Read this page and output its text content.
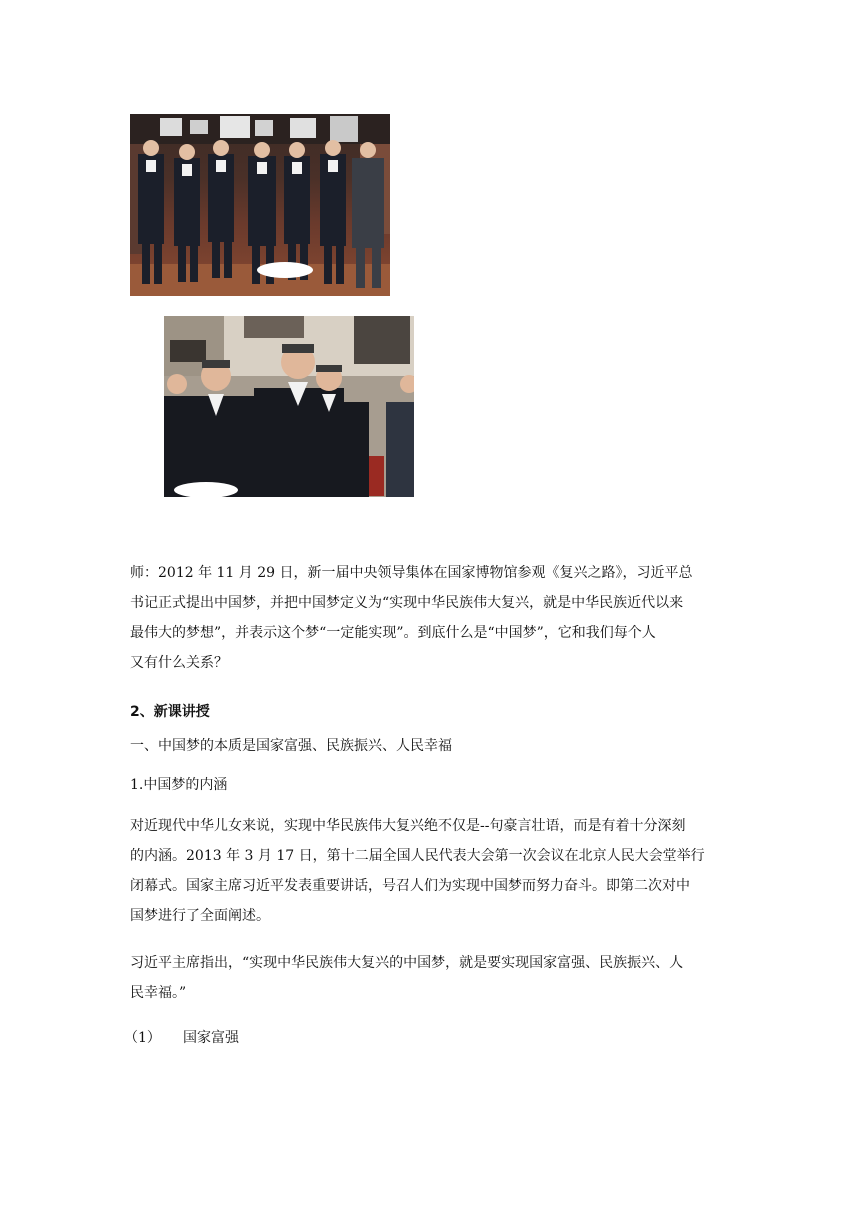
师：2012 年 11 月 29 日，新一届中央领导集体在国家博物馆参观《复兴之路》，习近平总
书记正式提出中国梦，并把中国梦定义为“实现中华民族伟大复兴，就是中华民族近代以来
最伟大的梦想”，并表示这个梦“一定能实现”。到底什么是“中国梦”，它和我们每个人
又有什么关系？
2、新课讲授
一、中国梦的本质是国家富强、民族振兴、人民幸福
1.中国梦的内涵
对近现代中华儿女来说，实现中华民族伟大复兴绝不仅是--句豪言壮语，而是有着十分深刻
的内涵。2013 年 3 月 17 日，第十二届全国人民代表大会第一次会议在北京人民大会堂举行
闭幕式。国家主席习近平发表重要讲话，号召人们为实现中国梦而努力奋斗。即第二次对中
国梦进行了全面阐述。
习近平主席指出，“实现中华民族伟大复兴的中国梦，就是要实现国家富强、民族振兴、人
民幸福。”
（1） 国家富强
